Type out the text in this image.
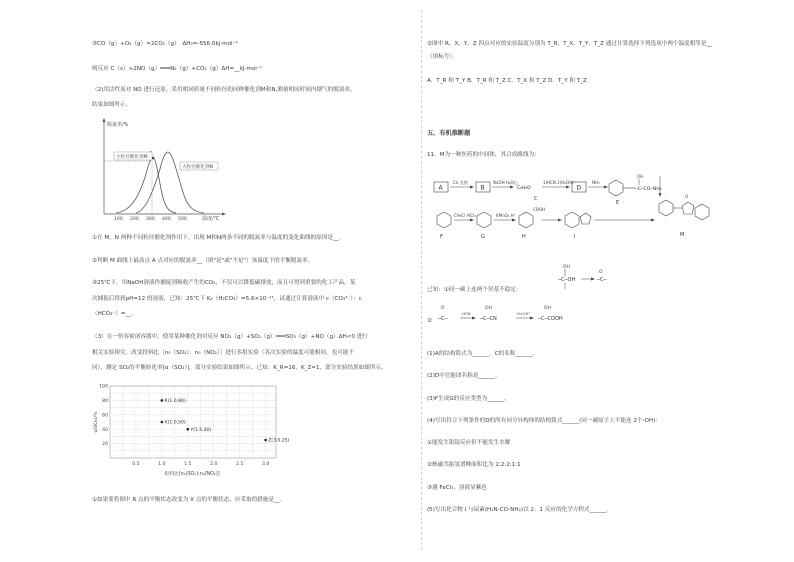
③CO（g）+O₂（g）=2CO₂（g）　ΔH₃=-556.0kJ·mol⁻¹
则反应 C（s）+2NO（g）═══N₂（g）+CO₂（g）ΔH=__kJ·mol⁻¹
（2)用活性炭对 NO 进行还原，采用相同质量不同粒径的同种催化剂M和N,测量相同时间内烟气的脱氮率，
结果如图所示。
脱氮率/%
温度/℃
小粒径催化剂M
大粒径催化剂N
100 200 300 400 500
①在 M、N 两种不同粒径催化剂作用下，出现 M和N两条不同的脱氮率与温度的变化曲线的原因是__。
②判断 M 曲线上最高点 A 点对应的脱氮率__（填"是"或"不是"）该温度下的平衡脱氮率。
③25℃下，用NaOH溶液作捕捉剂吸收产生的CO₂，不仅可以降低碳排放，而且可得到重要的化工产品。某
次捕捉后得到pH=12 的溶液，已知：25℃下 K₂（H₂CO₃）=5.6×10⁻¹¹，试通过计算溶液中 c（CO₃²⁻）：c
（HCO₃⁻）=__。
（3）在一恒容密闭容器中，使用某种催化剂对反应 NO₂（g）+SO₂（g）═══SO₃（g）+NO（g）ΔH<0 进行
相关实验探究。改变投料比［n₀（SO₂）：n₀（NO₂）］进行多组实验（各次实验的温度可能相同，也可能不
同），测定 SO₂的平衡转化率[α（SO₂）]。部分实验结果如图所示。已知：K_R=16，K_Z=1，部分实验结果如图所示。
0.5	1.0	1.5	2.0	2.5	3.0
20
40
60
80
100
R(1.0,80)
X(1.0,50)
Y(1.5,40)
Z(3.0,25)
α(SO₂)/%
投料比[n₀(SO₂):n₀(NO₂)]
①如果要将图中 R 点的平衡状态改变为 X 点的平衡状态，应采取的措施是__。
②图中 R、X、Y、Z 四点对应的实验温度分别为 T_R，T_X，T_Y，T_Z 通过计算选择下列选项中两个温度相等是__
（填标号）。
A．T_R 和 T_Y B．T_R 和 T_Z C．T_X 和 T_Z D．T_Y 和 T_Z
五、有机推断题
11．M为一种医药的中间体，其合成路线为：
A
Cl₂ 光照
B
NaOH H₂O/△
C₈H₈O
C
1)HCN 2)H₂O/H⁺
D
NH₃
─C─CO─NH₂
OH
E
O
M
F
CH₃Cl AlCl₃
G
KMnO₄ H⁺
COOH
H	I
已知：①同一碳上连两个羟基不稳定：
OH
─C─OH
O
─C─
②
O
─C─
HCN
OH
─C─CN
H₂O/H⁺
OH
─C─COOH
(1)A的结构简式为______，C的名称______。
(2)D中官能团名称是______。
(3)F生成G的反应类型为______。
(4)写出符合下列条件的D的所有同分异构体的结构简式______(同一碳原子上不能连 2个-OH)：
①能发生银镜反应但不能发生水解
②核磁共振氢谱峰面积比为 2:2:2:1:1
③遇 FeCl₃，溶液显紫色
(5)写出化合物 I 与尿素(H₂N-CO-NH₂)以 2：1 反应的化学方程式______。
